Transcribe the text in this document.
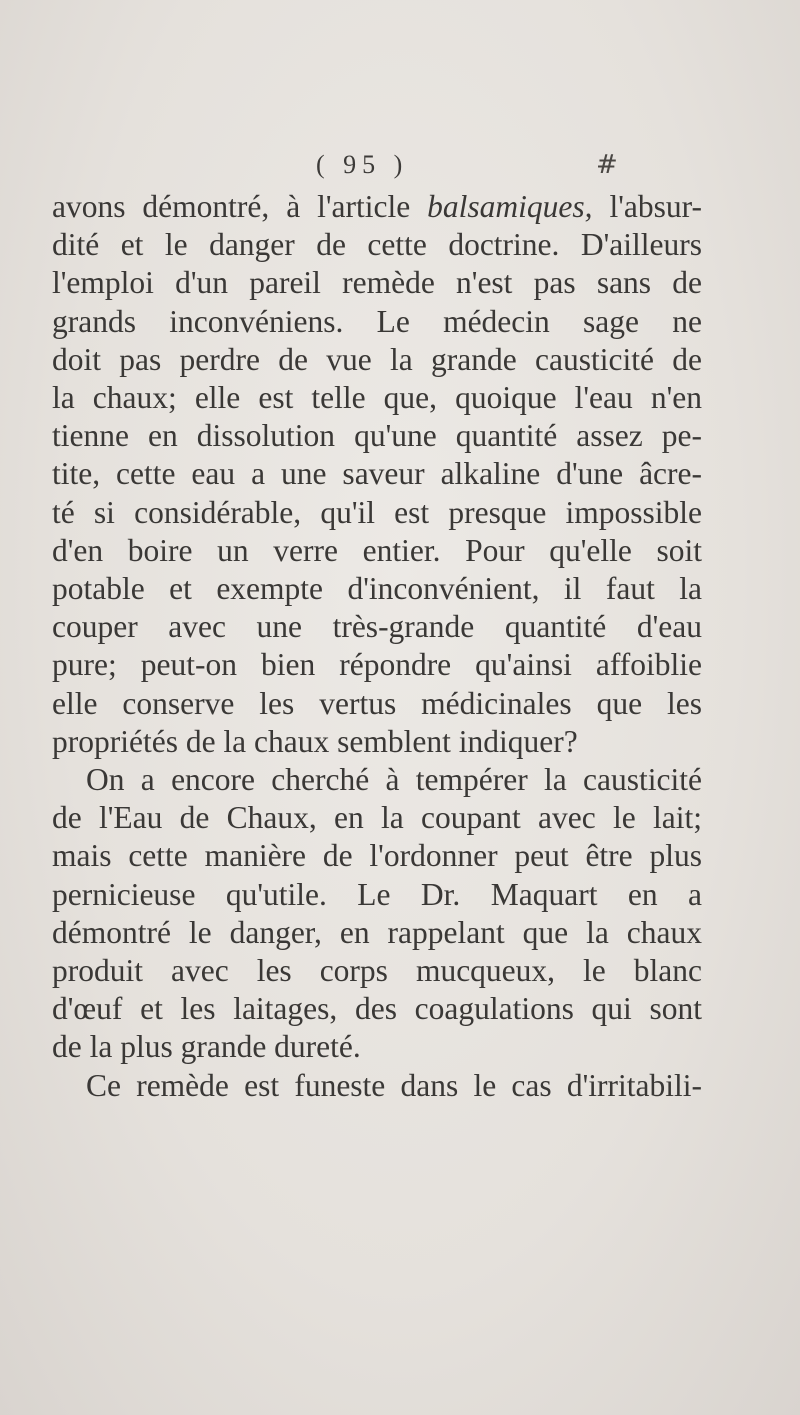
( 95 )	#
avons démontré, à l'article balsamiques, l'absur-
dité et le danger de cette doctrine. D'ailleurs
l'emploi d'un pareil remède n'est pas sans de
grands inconvéniens. Le médecin sage ne
doit pas perdre de vue la grande causticité de
la chaux; elle est telle que, quoique l'eau n'en
tienne en dissolution qu'une quantité assez pe-
tite, cette eau a une saveur alkaline d'une âcre-
té si considérable, qu'il est presque impossible
d'en boire un verre entier. Pour qu'elle soit
potable et exempte d'inconvénient, il faut la
couper avec une très-grande quantité d'eau
pure; peut-on bien répondre qu'ainsi affoiblie
elle conserve les vertus médicinales que les
propriétés de la chaux semblent indiquer?
On a encore cherché à tempérer la causticité
de l'Eau de Chaux, en la coupant avec le lait;
mais cette manière de l'ordonner peut être plus
pernicieuse qu'utile. Le Dr. Maquart en a
démontré le danger, en rappelant que la chaux
produit avec les corps mucqueux, le blanc
d'œuf et les laitages, des coagulations qui sont
de la plus grande dureté.
Ce remède est funeste dans le cas d'irritabili-
